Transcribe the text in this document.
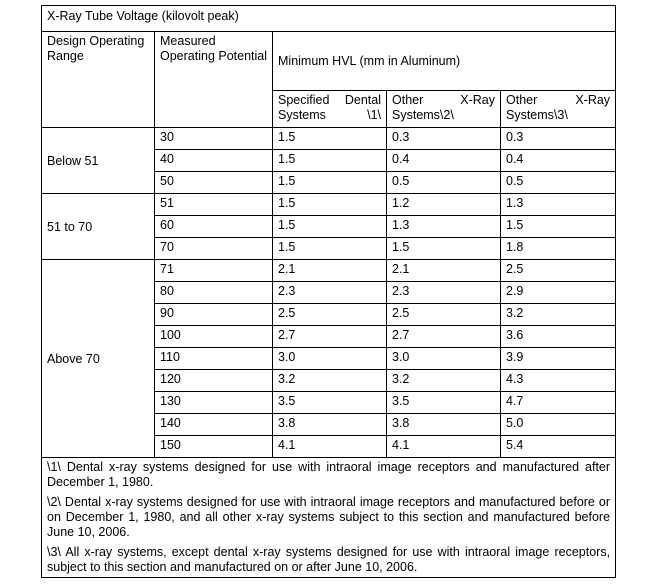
X-Ray Tube Voltage (kilovolt peak)				
Design Operating Range	Measured Operating Potential	Minimum HVL (mm in Aluminum)		
		Specified Dental Systems \1\	Other X-Ray Systems\2\	Other X-Ray Systems\3\
Below 51	30	1.5	0.3	0.3
	40	1.5	0.4	0.4
	50	1.5	0.5	0.5
51 to 70	51	1.5	1.2	1.3
	60	1.5	1.3	1.5
	70	1.5	1.5	1.8
Above 70	71	2.1	2.1	2.5
	80	2.3	2.3	2.9
	90	2.5	2.5	3.2
	100	2.7	2.7	3.6
	110	3.0	3.0	3.9
	120	3.2	3.2	4.3
	130	3.5	3.5	4.7
	140	3.8	3.8	5.0
	150	4.1	4.1	5.4

\1\ Dental x-ray systems designed for use with intraoral image receptors and manufactured after December 1, 1980.

\2\ Dental x-ray systems designed for use with intraoral image receptors and manufactured before or on December 1, 1980, and all other x-ray systems subject to this section and manufactured before June 10, 2006.

\3\ All x-ray systems, except dental x-ray systems designed for use with intraoral image receptors, subject to this section and manufactured on or after June 10, 2006.				
